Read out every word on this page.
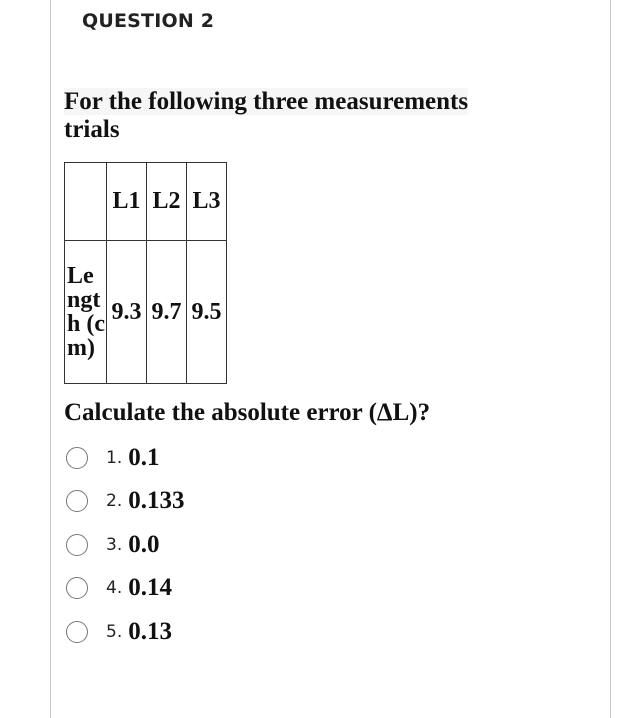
QUESTION 2
For the following three measurements
trials
	L1	L2	L3
Length (cm)	9.3	9.7	9.5
Calculate the absolute error (ΔL)?
1. 0.1
2. 0.133
3. 0.0
4. 0.14
5. 0.13
